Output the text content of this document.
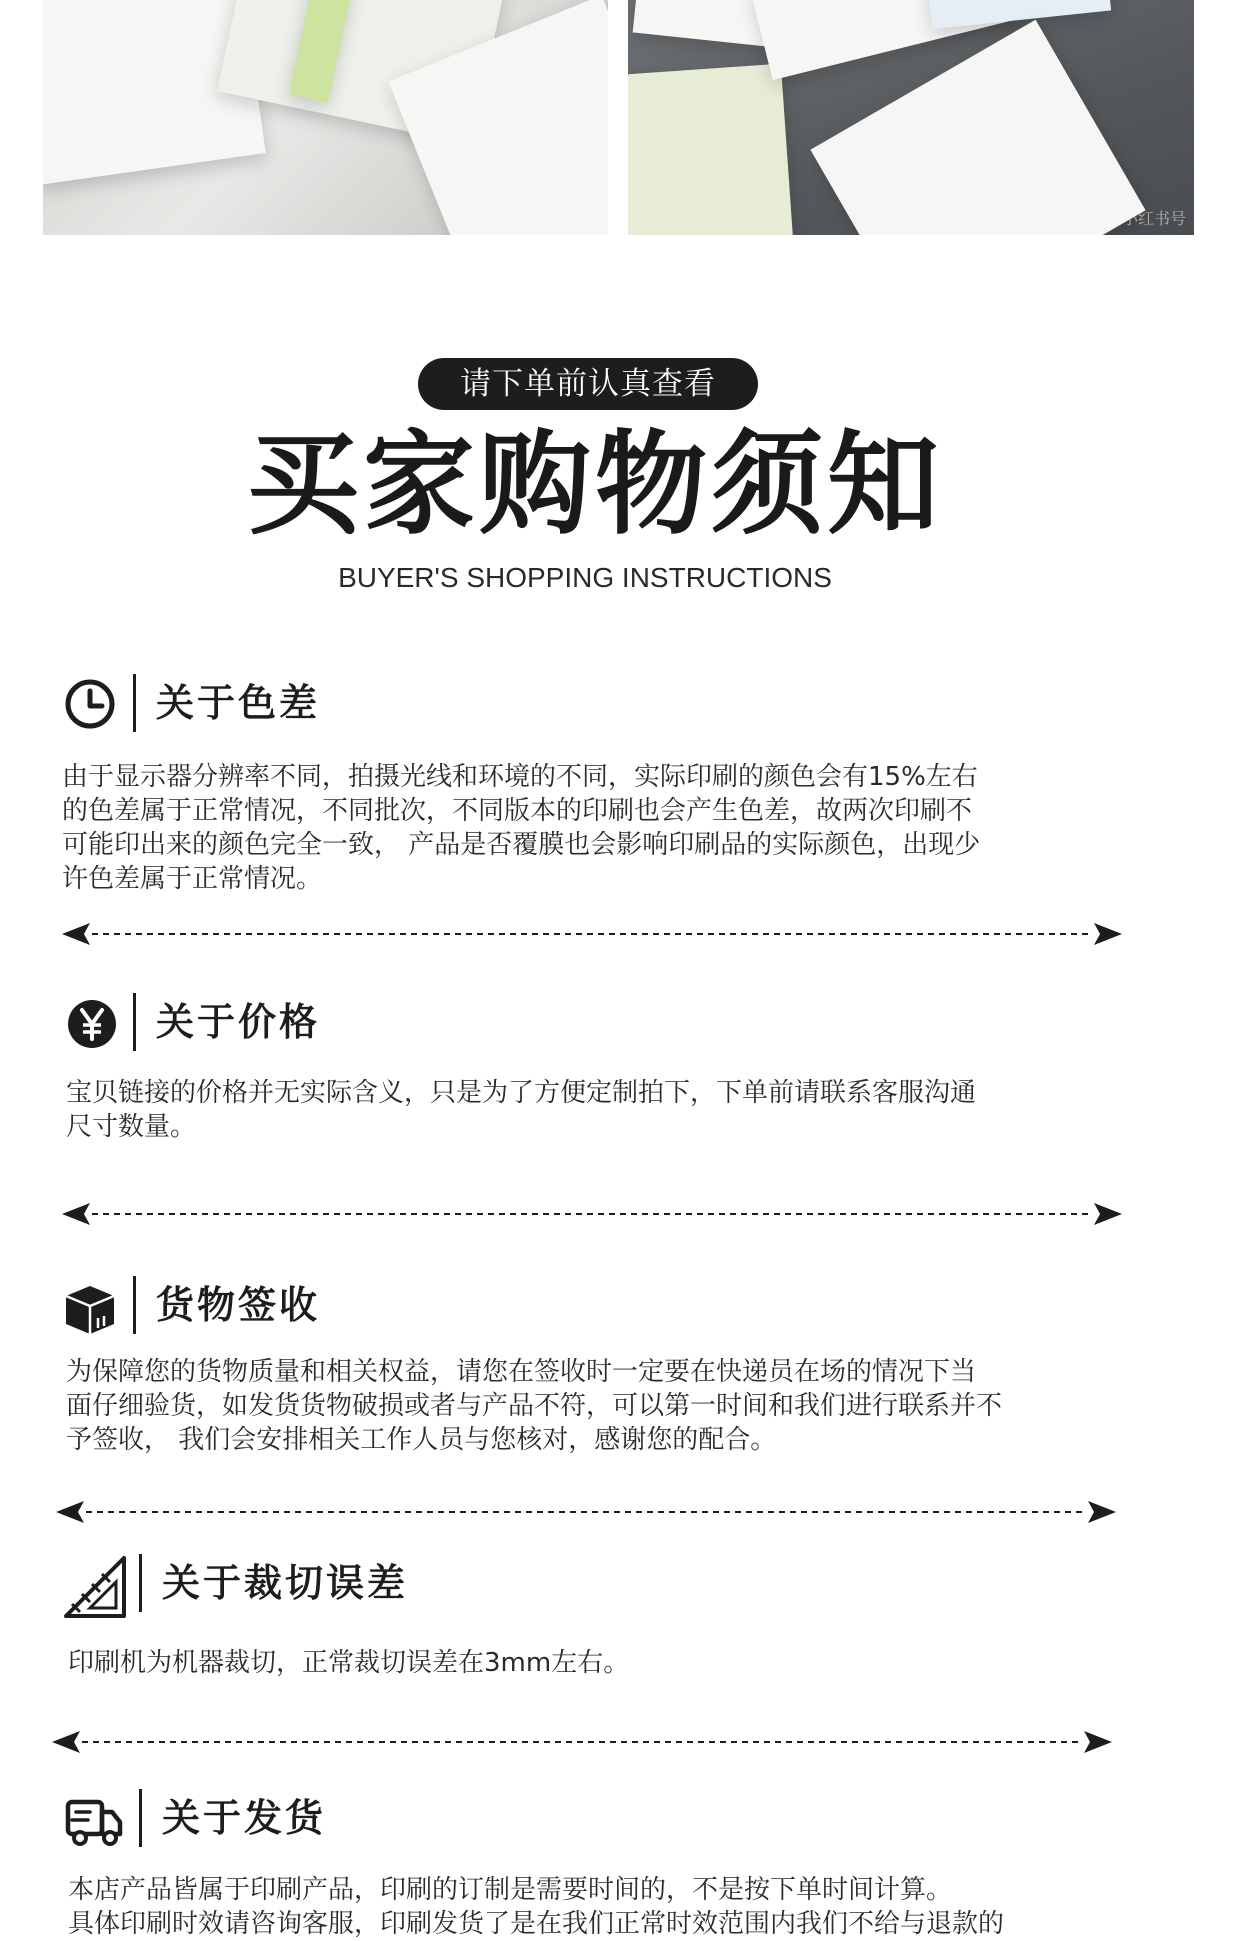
小红书号
请下单前认真查看
买家购物须知
BUYER'S SHOPPING INSTRUCTIONS
关于色差
由于显示器分辨率不同，拍摄光线和环境的不同，实际印刷的颜色会有15%左右
的色差属于正常情况，不同批次，不同版本的印刷也会产生色差，故两次印刷不
可能印出来的颜色完全一致， 产品是否覆膜也会影响印刷品的实际颜色，出现少
许色差属于正常情况。
关于价格
宝贝链接的价格并无实际含义，只是为了方便定制拍下，下单前请联系客服沟通
尺寸数量。
货物签收
为保障您的货物质量和相关权益，请您在签收时一定要在快递员在场的情况下当
面仔细验货，如发货货物破损或者与产品不符，可以第一时间和我们进行联系并不
予签收， 我们会安排相关工作人员与您核对，感谢您的配合。
关于裁切误差
印刷机为机器裁切，正常裁切误差在3mm左右。
关于发货
本店产品皆属于印刷产品，印刷的订制是需要时间的，不是按下单时间计算。
具体印刷时效请咨询客服，印刷发货了是在我们正常时效范围内我们不给与退款的
